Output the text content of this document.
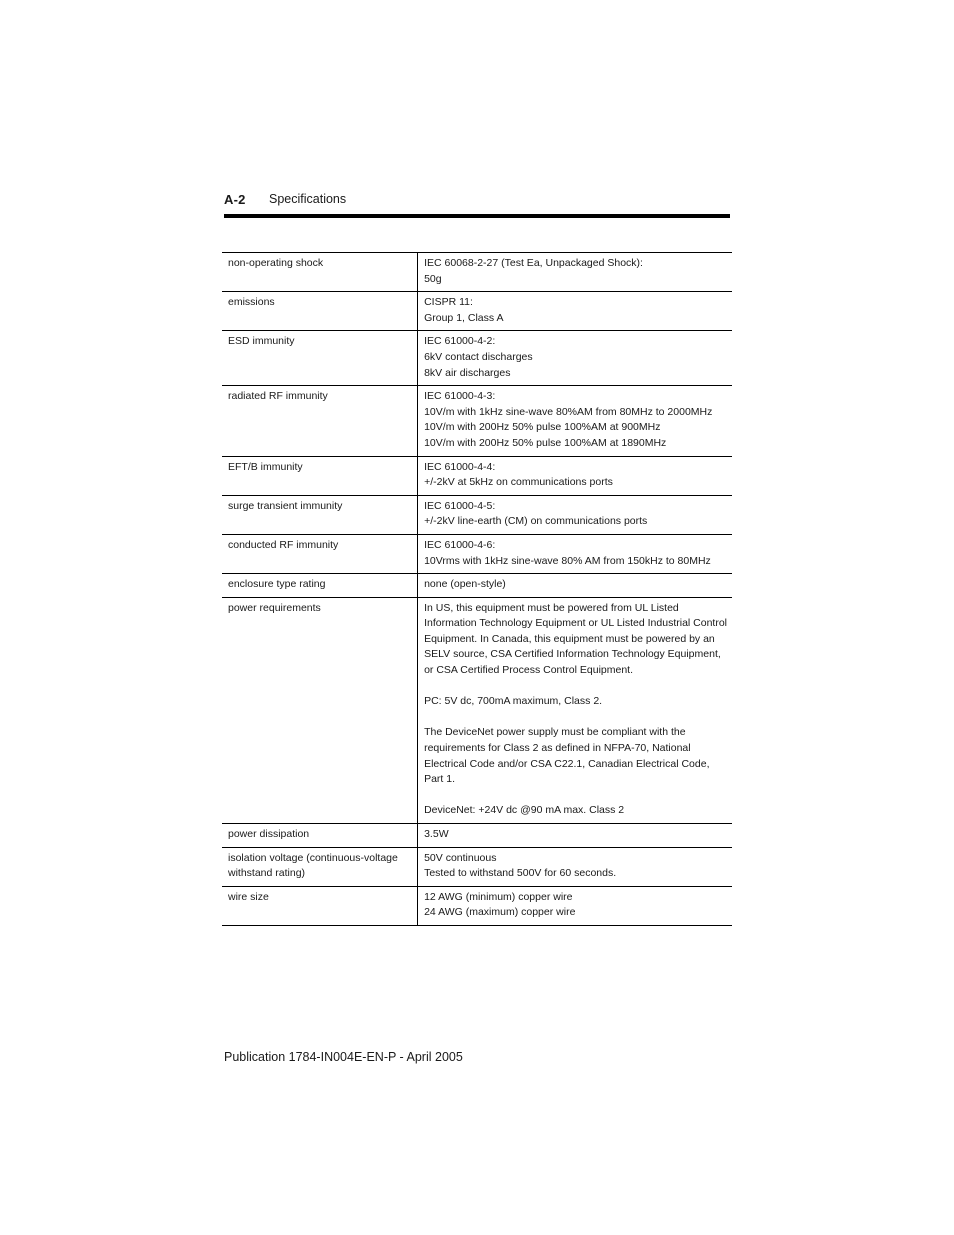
A-2 Specifications
non-operating shock	IEC 60068-2-27 (Test Ea, Unpackaged Shock):
50g

emissions	CISPR 11:
Group 1, Class A

ESD immunity	IEC 61000-4-2:
6kV contact discharges
8kV air discharges

radiated RF immunity	IEC 61000-4-3:
10V/m with 1kHz sine-wave 80%AM from 80MHz to 2000MHz
10V/m with 200Hz 50% pulse 100%AM at 900MHz
10V/m with 200Hz 50% pulse 100%AM at 1890MHz

EFT/B immunity	IEC 61000-4-4:
+/-2kV at 5kHz on communications ports

surge transient immunity	IEC 61000-4-5:
+/-2kV line-earth (CM) on communications ports

conducted RF immunity	IEC 61000-4-6:
10Vrms with 1kHz sine-wave 80% AM from 150kHz to 80MHz

enclosure type rating	none (open-style)

power requirements	In US, this equipment must be powered from UL Listed Information Technology Equipment or UL Listed Industrial Control Equipment. In Canada, this equipment must be powered by an SELV source, CSA Certified Information Technology Equipment, or CSA Certified Process Control Equipment.
PC: 5V dc, 700mA maximum, Class 2.
The DeviceNet power supply must be compliant with the requirements for Class 2 as defined in NFPA-70, National Electrical Code and/or CSA C22.1, Canadian Electrical Code, Part 1.
DeviceNet: +24V dc @90 mA max. Class 2

power dissipation	3.5W

isolation voltage (continuous-voltage withstand rating)	50V continuous
Tested to withstand 500V for 60 seconds.

wire size	12 AWG (minimum) copper wire
24 AWG (maximum) copper wire
Publication 1784-IN004E-EN-P - April 2005
